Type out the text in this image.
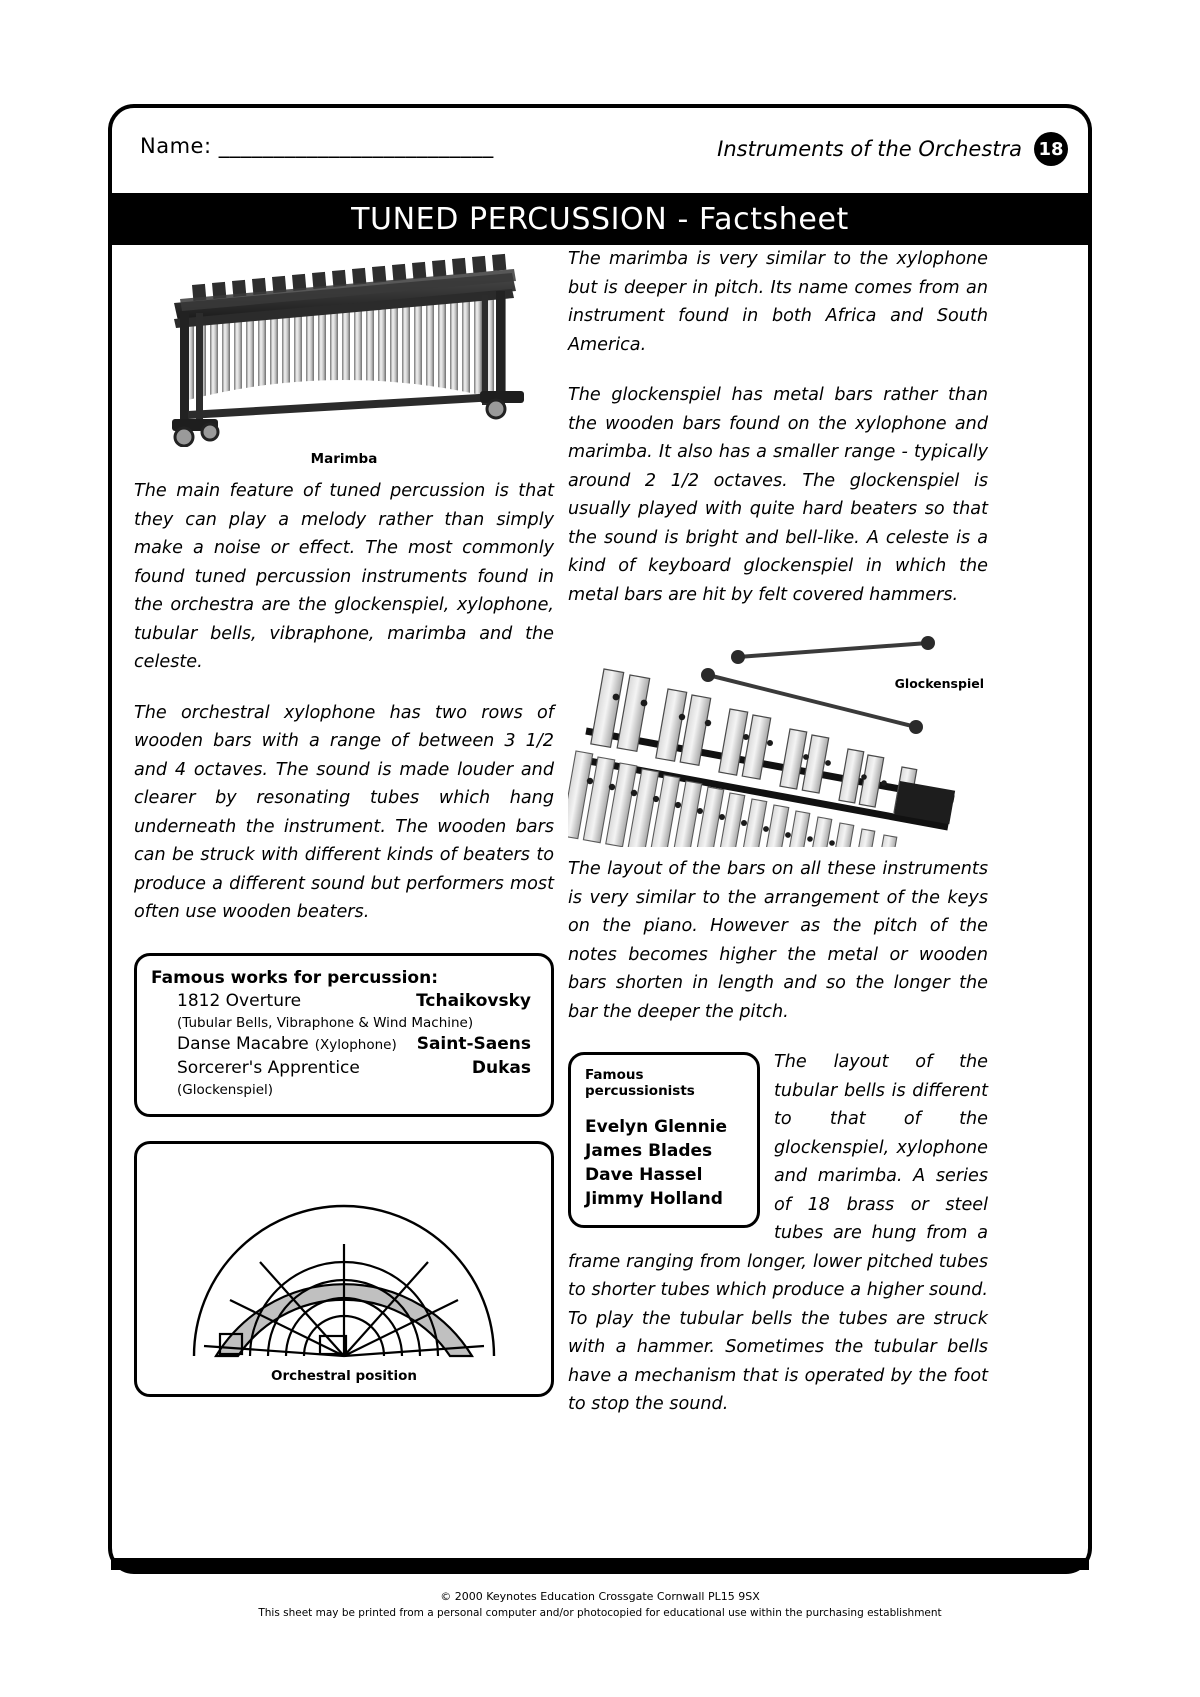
Name: _________________________	Instruments of the Orchestra 18
TUNED PERCUSSION - Factsheet
Marimba

The main feature of tuned percussion is that they can play a melody rather than simply make a noise or effect. The most commonly found tuned percussion instruments found in the orchestra are the glockenspiel, xylophone, tubular bells, vibraphone, marimba and the celeste.

The orchestral xylophone has two rows of wooden bars with a range of between 3 1/2 and 4 octaves. The sound is made louder and clearer by resonating tubes which hang underneath the instrument. The wooden bars can be struck with different kinds of beaters to produce a different sound but performers most often use wooden beaters.

Famous works for percussion:
1812 Overture	Tchaikovsky
(Tubular Bells, Vibraphone & Wind Machine)
Danse Macabre (Xylophone) Saint-Saens
Sorcerer's Apprentice	Dukas
(Glockenspiel)
Orchestral position

The marimba is very similar to the xylophone but is deeper in pitch. Its name comes from an instrument found in both Africa and South America.

The glockenspiel has metal bars rather than the wooden bars found on the xylophone and marimba. It also has a smaller range - typically around 2 1/2 octaves. The glockenspiel is usually played with quite hard beaters so that the sound is bright and bell-like. A celeste is a kind of keyboard glockenspiel in which the metal bars are hit by felt covered hammers.

Glockenspiel

The layout of the bars on all these instruments is very similar to the arrangement of the keys on the piano. However as the pitch of the notes becomes higher the metal or wooden bars shorten in length and so the longer the bar the deeper the pitch.

Famous percussionists
Evelyn Glennie
James Blades
Dave Hassel
Jimmy Holland

The layout of the tubular bells is different to that of the glockenspiel, xylophone and marimba. A series of 18 brass or steel tubes are hung from a frame ranging from longer, lower pitched tubes to shorter tubes which produce a higher sound. To play the tubular bells the tubes are struck with a hammer. Sometimes the tubular bells have a mechanism that is operated by the foot to stop the sound.

© 2000 Keynotes Education Crossgate Cornwall PL15 9SX
This sheet may be printed from a personal computer and/or photocopied for educational use within the purchasing establishment
